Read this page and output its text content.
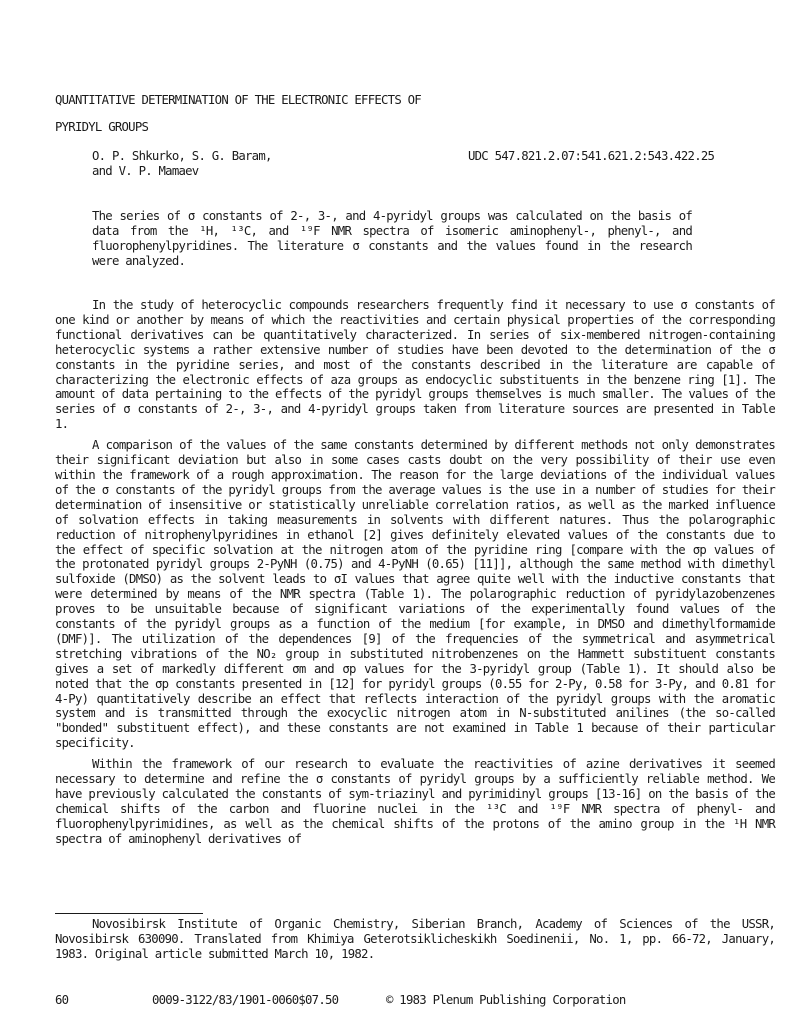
QUANTITATIVE DETERMINATION OF THE ELECTRONIC EFFECTS OF
PYRIDYL GROUPS
O. P. Shkurko, S. G. Baram,
and V. P. Mamaev
UDC 547.821.2.07:541.621.2:543.422.25
The series of σ constants of 2-, 3-, and 4-pyridyl groups was calculated on the basis of data from the ¹H, ¹³C, and ¹⁹F NMR spectra of isomeric aminophenyl-, phenyl-, and fluorophenylpyridines. The literature σ constants and the values found in the research were analyzed.

In the study of heterocyclic compounds researchers frequently find it necessary to use σ constants of one kind or another by means of which the reactivities and certain physical properties of the corresponding functional derivatives can be quantitatively characterized. In series of six-membered nitrogen-containing heterocyclic systems a rather extensive number of studies have been devoted to the determination of the σ constants in the pyridine series, and most of the constants described in the literature are capable of characterizing the electronic effects of aza groups as endocyclic substituents in the benzene ring [1]. The amount of data pertaining to the effects of the pyridyl groups themselves is much smaller. The values of the series of σ constants of 2-, 3-, and 4-pyridyl groups taken from literature sources are presented in Table 1.

A comparison of the values of the same constants determined by different methods not only demonstrates their significant deviation but also in some cases casts doubt on the very possibility of their use even within the framework of a rough approximation. The reason for the large deviations of the individual values of the σ constants of the pyridyl groups from the average values is the use in a number of studies for their determination of insensitive or statistically unreliable correlation ratios, as well as the marked influence of solvation effects in taking measurements in solvents with different natures. Thus the polarographic reduction of nitrophenylpyridines in ethanol [2] gives definitely elevated values of the constants due to the effect of specific solvation at the nitrogen atom of the pyridine ring [compare with the σp values of the protonated pyridyl groups 2-PyNH (0.75) and 4-PyNH (0.65) [11]], although the same method with dimethyl sulfoxide (DMSO) as the solvent leads to σI values that agree quite well with the inductive constants that were determined by means of the NMR spectra (Table 1). The polarographic reduction of pyridylazobenzenes proves to be unsuitable because of significant variations of the experimentally found values of the constants of the pyridyl groups as a function of the medium [for example, in DMSO and dimethylformamide (DMF)]. The utilization of the dependences [9] of the frequencies of the symmetrical and asymmetrical stretching vibrations of the NO₂ group in substituted nitrobenzenes on the Hammett substituent constants gives a set of markedly different σm and σp values for the 3-pyridyl group (Table 1). It should also be noted that the σp constants presented in [12] for pyridyl groups (0.55 for 2-Py, 0.58 for 3-Py, and 0.81 for 4-Py) quantitatively describe an effect that reflects interaction of the pyridyl groups with the aromatic system and is transmitted through the exocyclic nitrogen atom in N-substituted anilines (the so-called "bonded" substituent effect), and these constants are not examined in Table 1 because of their particular specificity.

Within the framework of our research to evaluate the reactivities of azine derivatives it seemed necessary to determine and refine the σ constants of pyridyl groups by a sufficiently reliable method. We have previously calculated the constants of sym-triazinyl and pyrimidinyl groups [13-16] on the basis of the chemical shifts of the carbon and fluorine nuclei in the ¹³C and ¹⁹F NMR spectra of phenyl- and fluorophenylpyrimidines, as well as the chemical shifts of the protons of the amino group in the ¹H NMR spectra of aminophenyl derivatives of

Novosibirsk Institute of Organic Chemistry, Siberian Branch, Academy of Sciences of the USSR, Novosibirsk 630090. Translated from Khimiya Geterotsiklicheskikh Soedinenii, No. 1, pp. 66-72, January, 1983. Original article submitted March 10, 1982.
60	0009-3122/83/1901-0060$07.50	© 1983 Plenum Publishing Corporation
